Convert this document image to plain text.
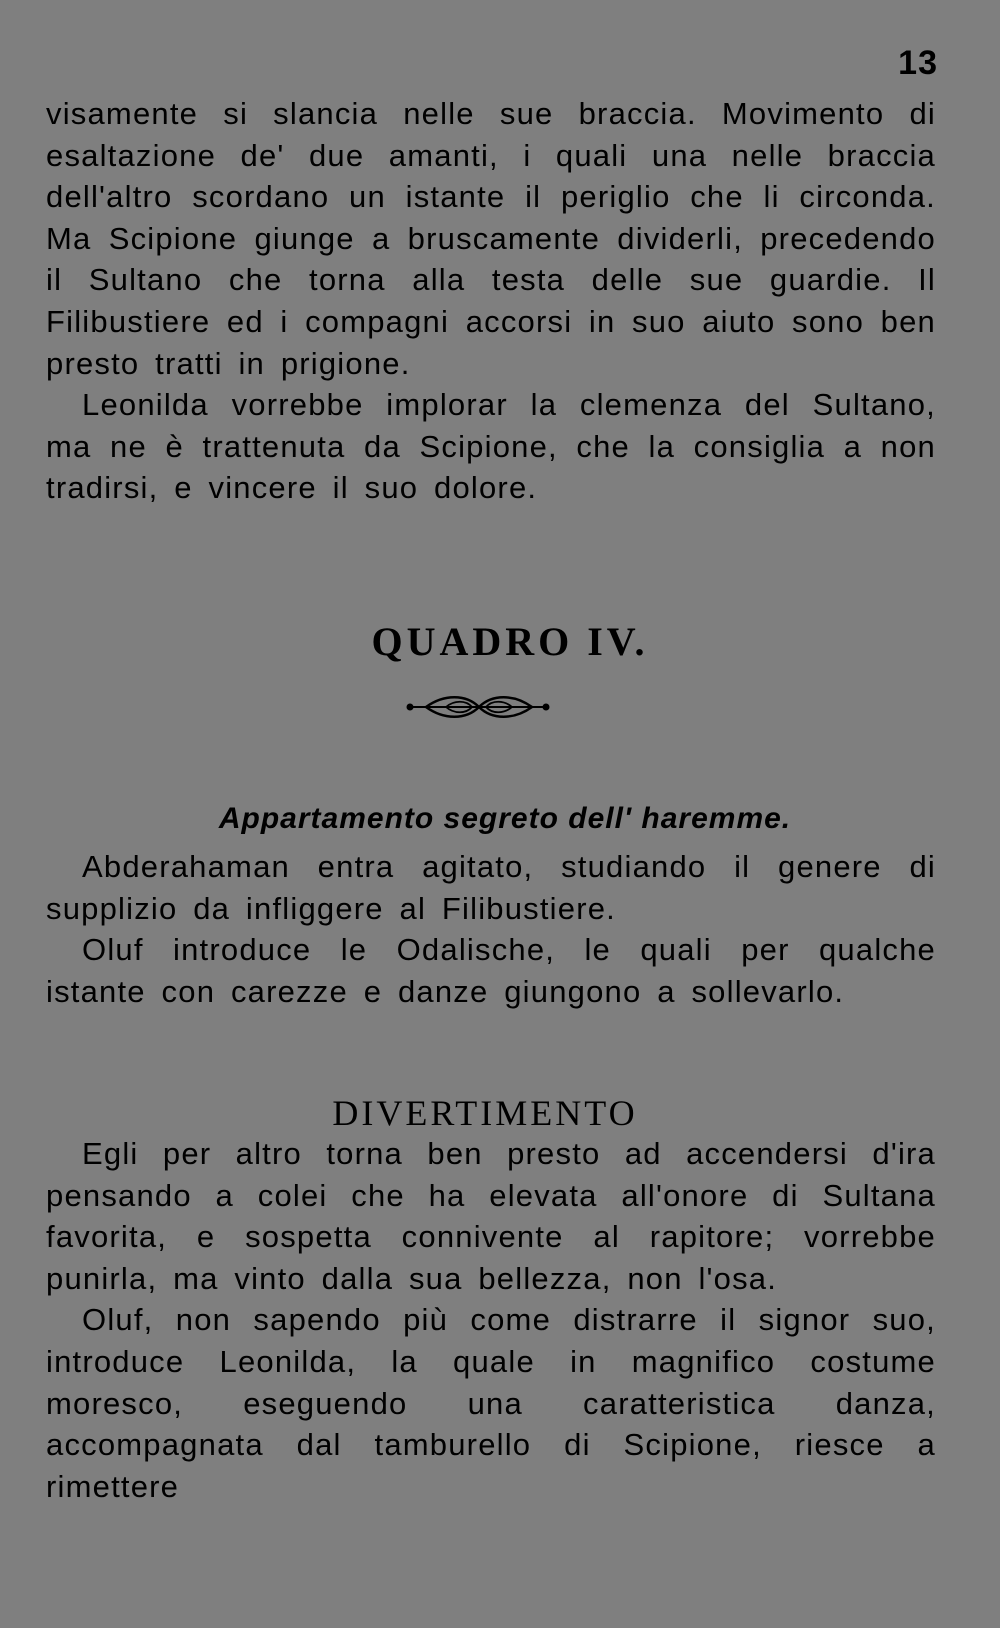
13

visamente si slancia nelle sue braccia. Movimento di esaltazione de' due amanti, i quali una nelle braccia dell'altro scordano un istante il periglio che li circonda. Ma Scipione giunge a bruscamente dividerli, precedendo il Sultano che torna alla testa delle sue guardie. Il Filibustiere ed i compagni accorsi in suo aiuto sono ben presto tratti in prigione.

Leonilda vorrebbe implorar la clemenza del Sultano, ma ne è trattenuta da Scipione, che la consiglia a non tradirsi, e vincere il suo dolore.

QUADRO IV.
Appartamento segreto dell' haremme.

Abderahaman entra agitato, studiando il genere di supplizio da infliggere al Filibustiere.

Oluf introduce le Odalische, le quali per qualche istante con carezze e danze giungono a sollevarlo.

DIVERTIMENTO

Egli per altro torna ben presto ad accendersi d'ira pensando a colei che ha elevata all'onore di Sultana favorita, e sospetta connivente al rapitore; vorrebbe punirla, ma vinto dalla sua bellezza, non l'osa.

Oluf, non sapendo più come distrarre il signor suo, introduce Leonilda, la quale in magnifico costume moresco, eseguendo una caratteristica danza, accompagnata dal tamburello di Scipione, riesce a rimettere
